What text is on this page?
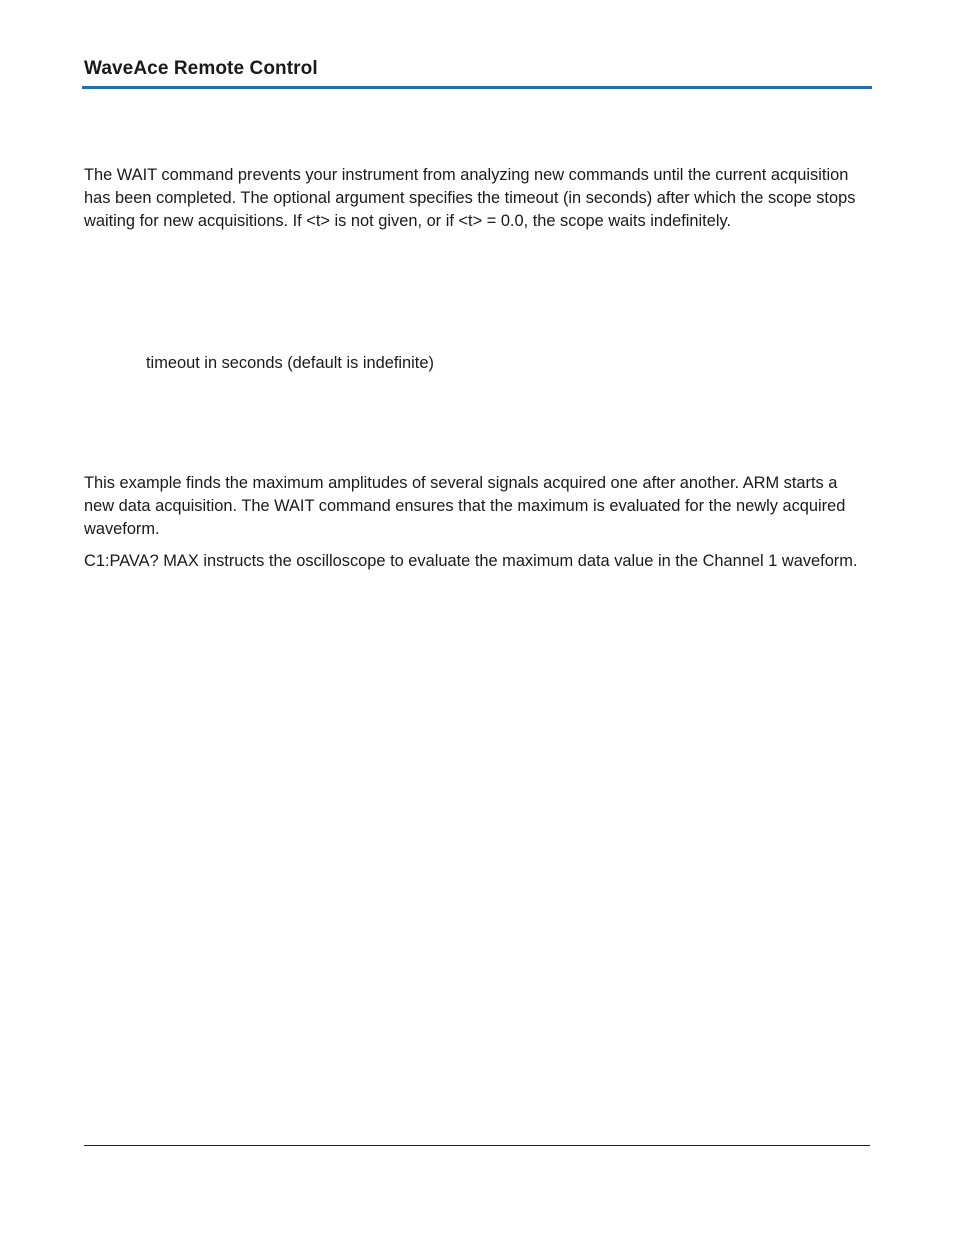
WaveAce Remote Control

The WAIT command prevents your instrument from analyzing new commands until the current acquisition has been completed. The optional argument specifies the timeout (in seconds) after which the scope stops waiting for new acquisitions. If <t> is not given, or if <t> = 0.0, the scope waits indefinitely.

timeout in seconds (default is indefinite)

This example finds the maximum amplitudes of several signals acquired one after another. ARM starts a new data acquisition. The WAIT command ensures that the maximum is evaluated for the newly acquired waveform.

C1:PAVA? MAX instructs the oscilloscope to evaluate the maximum data value in the Channel 1 waveform.
